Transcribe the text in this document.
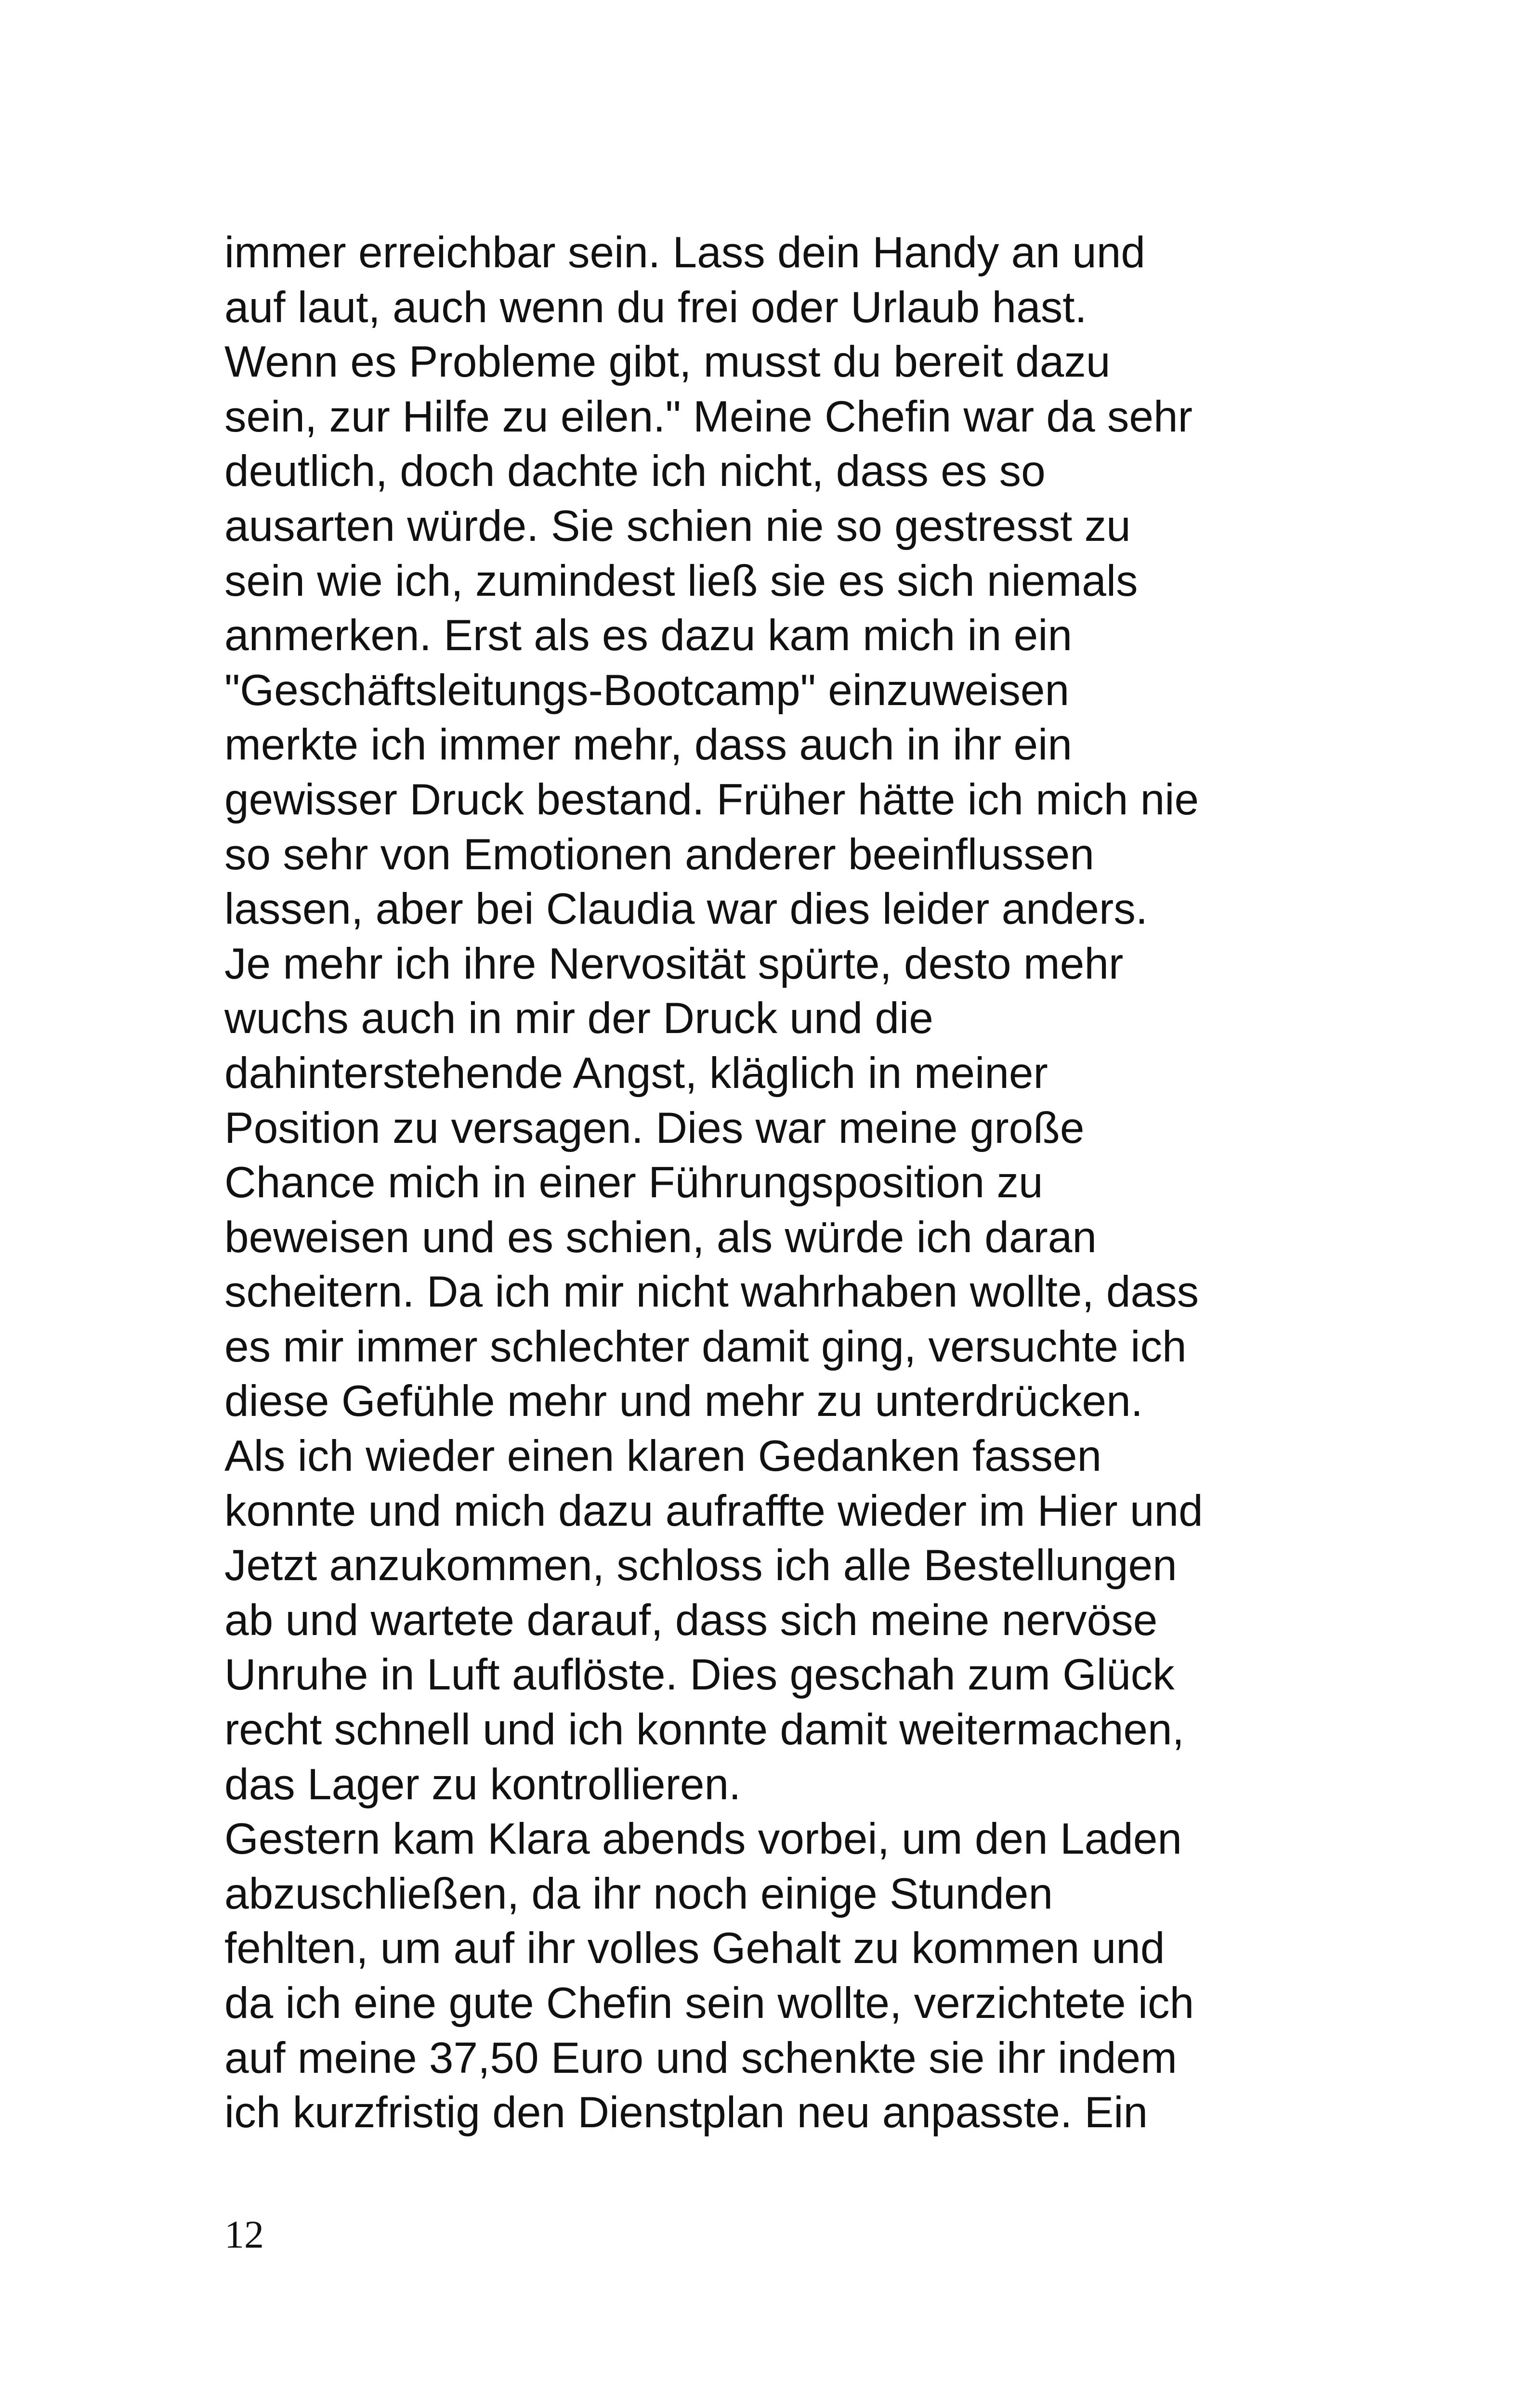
immer erreichbar sein. Lass dein Handy an und
auf laut, auch wenn du frei oder Urlaub hast.
Wenn es Probleme gibt, musst du bereit dazu
sein, zur Hilfe zu eilen." Meine Chefin war da sehr
deutlich, doch dachte ich nicht, dass es so
ausarten würde. Sie schien nie so gestresst zu
sein wie ich, zumindest ließ sie es sich niemals
anmerken. Erst als es dazu kam mich in ein
"Geschäftsleitungs-Bootcamp" einzuweisen
merkte ich immer mehr, dass auch in ihr ein
gewisser Druck bestand. Früher hätte ich mich nie
so sehr von Emotionen anderer beeinflussen
lassen, aber bei Claudia war dies leider anders.
Je mehr ich ihre Nervosität spürte, desto mehr
wuchs auch in mir der Druck und die
dahinterstehende Angst, kläglich in meiner
Position zu versagen. Dies war meine große
Chance mich in einer Führungsposition zu
beweisen und es schien, als würde ich daran
scheitern. Da ich mir nicht wahrhaben wollte, dass
es mir immer schlechter damit ging, versuchte ich
diese Gefühle mehr und mehr zu unterdrücken.
Als ich wieder einen klaren Gedanken fassen
konnte und mich dazu aufraffte wieder im Hier und
Jetzt anzukommen, schloss ich alle Bestellungen
ab und wartete darauf, dass sich meine nervöse
Unruhe in Luft auflöste. Dies geschah zum Glück
recht schnell und ich konnte damit weitermachen,
das Lager zu kontrollieren.
Gestern kam Klara abends vorbei, um den Laden
abzuschließen, da ihr noch einige Stunden
fehlten, um auf ihr volles Gehalt zu kommen und
da ich eine gute Chefin sein wollte, verzichtete ich
auf meine 37,50 Euro und schenkte sie ihr indem
ich kurzfristig den Dienstplan neu anpasste. Ein
12
